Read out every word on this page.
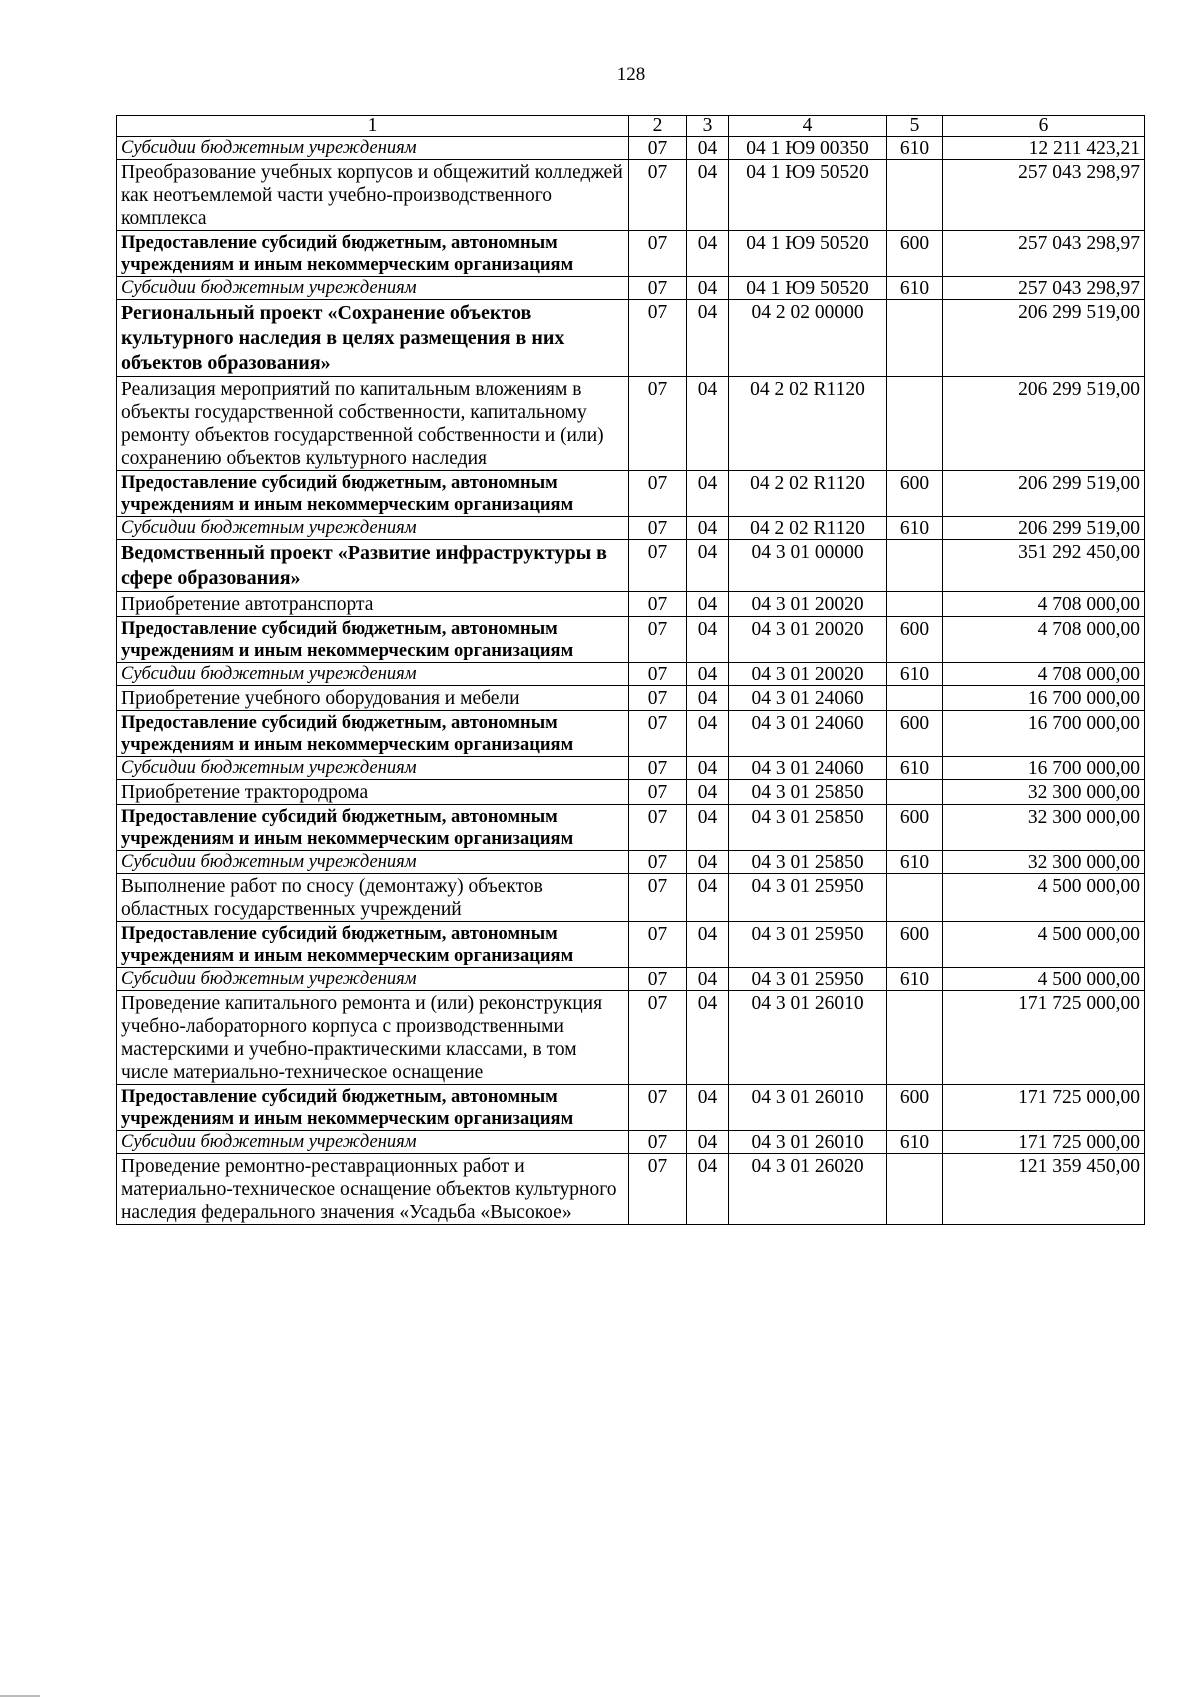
128
1	2	3	4	5	6
Субсидии бюджетным учреждениям	07	04	04 1 Ю9 00350	610	12 211 423,21
Преобразование учебных корпусов и общежитий колледжей как неотъемлемой части учебно-производственного комплекса	07	04	04 1 Ю9 50520		257 043 298,97
Предоставление субсидий бюджетным, автономным учреждениям и иным некоммерческим организациям	07	04	04 1 Ю9 50520	600	257 043 298,97
Субсидии бюджетным учреждениям	07	04	04 1 Ю9 50520	610	257 043 298,97
Региональный проект «Сохранение объектов культурного наследия в целях размещения в них объектов образования»	07	04	04 2 02 00000		206 299 519,00
Реализация мероприятий по капитальным вложениям в объекты государственной собственности, капитальному ремонту объектов государственной собственности и (или) сохранению объектов культурного наследия	07	04	04 2 02 R1120		206 299 519,00
Предоставление субсидий бюджетным, автономным учреждениям и иным некоммерческим организациям	07	04	04 2 02 R1120	600	206 299 519,00
Субсидии бюджетным учреждениям	07	04	04 2 02 R1120	610	206 299 519,00
Ведомственный проект «Развитие инфраструктуры в сфере образования»	07	04	04 3 01 00000		351 292 450,00
Приобретение автотранспорта	07	04	04 3 01 20020		4 708 000,00
Предоставление субсидий бюджетным, автономным учреждениям и иным некоммерческим организациям	07	04	04 3 01 20020	600	4 708 000,00
Субсидии бюджетным учреждениям	07	04	04 3 01 20020	610	4 708 000,00
Приобретение учебного оборудования и мебели	07	04	04 3 01 24060		16 700 000,00
Предоставление субсидий бюджетным, автономным учреждениям и иным некоммерческим организациям	07	04	04 3 01 24060	600	16 700 000,00
Субсидии бюджетным учреждениям	07	04	04 3 01 24060	610	16 700 000,00
Приобретение трактородрома	07	04	04 3 01 25850		32 300 000,00
Предоставление субсидий бюджетным, автономным учреждениям и иным некоммерческим организациям	07	04	04 3 01 25850	600	32 300 000,00
Субсидии бюджетным учреждениям	07	04	04 3 01 25850	610	32 300 000,00
Выполнение работ по сносу (демонтажу) объектов областных государственных учреждений	07	04	04 3 01 25950		4 500 000,00
Предоставление субсидий бюджетным, автономным учреждениям и иным некоммерческим организациям	07	04	04 3 01 25950	600	4 500 000,00
Субсидии бюджетным учреждениям	07	04	04 3 01 25950	610	4 500 000,00
Проведение капитального ремонта и (или) реконструкция учебно-лабораторного корпуса с производственными мастерскими и учебно-практическими классами, в том числе материально-техническое оснащение	07	04	04 3 01 26010		171 725 000,00
Предоставление субсидий бюджетным, автономным учреждениям и иным некоммерческим организациям	07	04	04 3 01 26010	600	171 725 000,00
Субсидии бюджетным учреждениям	07	04	04 3 01 26010	610	171 725 000,00
Проведение ремонтно-реставрационных работ и материально-техническое оснащение объектов культурного наследия федерального значения «Усадьба «Высокое»	07	04	04 3 01 26020		121 359 450,00
